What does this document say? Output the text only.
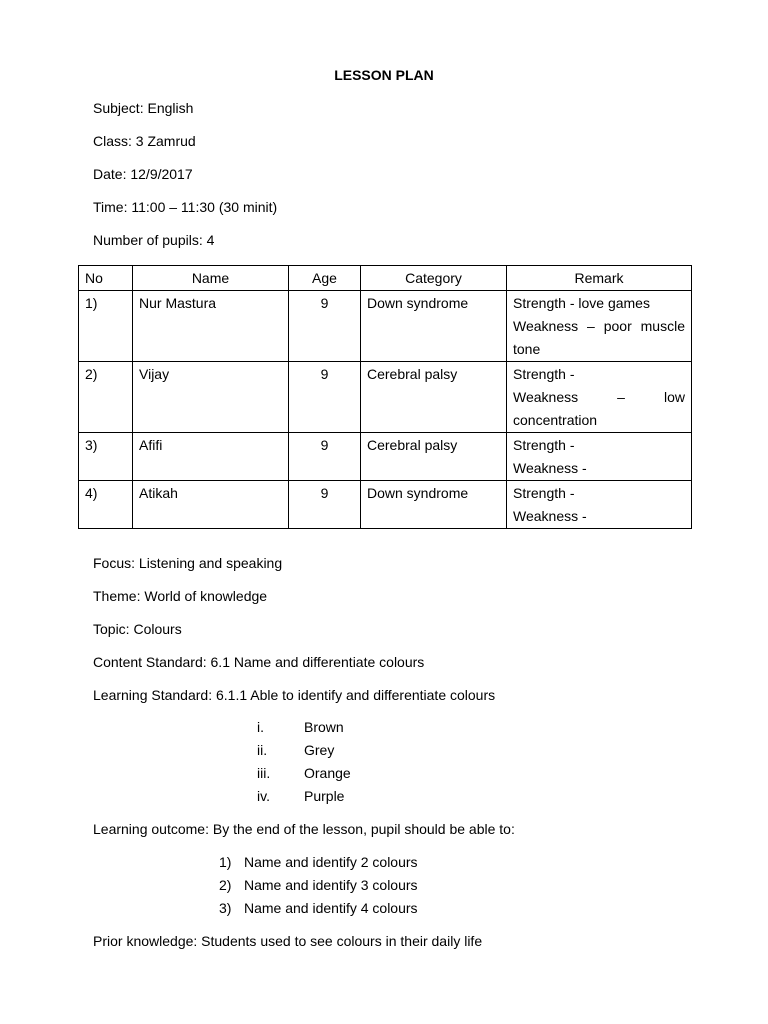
LESSON PLAN
Subject: English
Class: 3 Zamrud
Date: 12/9/2017
Time: 11:00 – 11:30 (30 minit)
Number of pupils: 4
No	Name	Age	Category	Remark
1)	Nur Mastura	9	Down syndrome	Strength - love games
Weakness – poor muscle tone

2)	Vijay	9	Cerebral palsy	Strength -
Weakness – low concentration

3)	Afifi	9	Cerebral palsy	Strength -
Weakness -

4)	Atikah	9	Down syndrome	Strength -
Weakness -
Focus: Listening and speaking
Theme: World of knowledge
Topic: Colours
Content Standard: 6.1 Name and differentiate colours
Learning Standard: 6.1.1 Able to identify and differentiate colours
i.	Brown
ii.	Grey
iii. Orange
iv. Purple
Learning outcome: By the end of the lesson, pupil should be able to:
1) Name and identify 2 colours
2) Name and identify 3 colours
3) Name and identify 4 colours
Prior knowledge: Students used to see colours in their daily life
